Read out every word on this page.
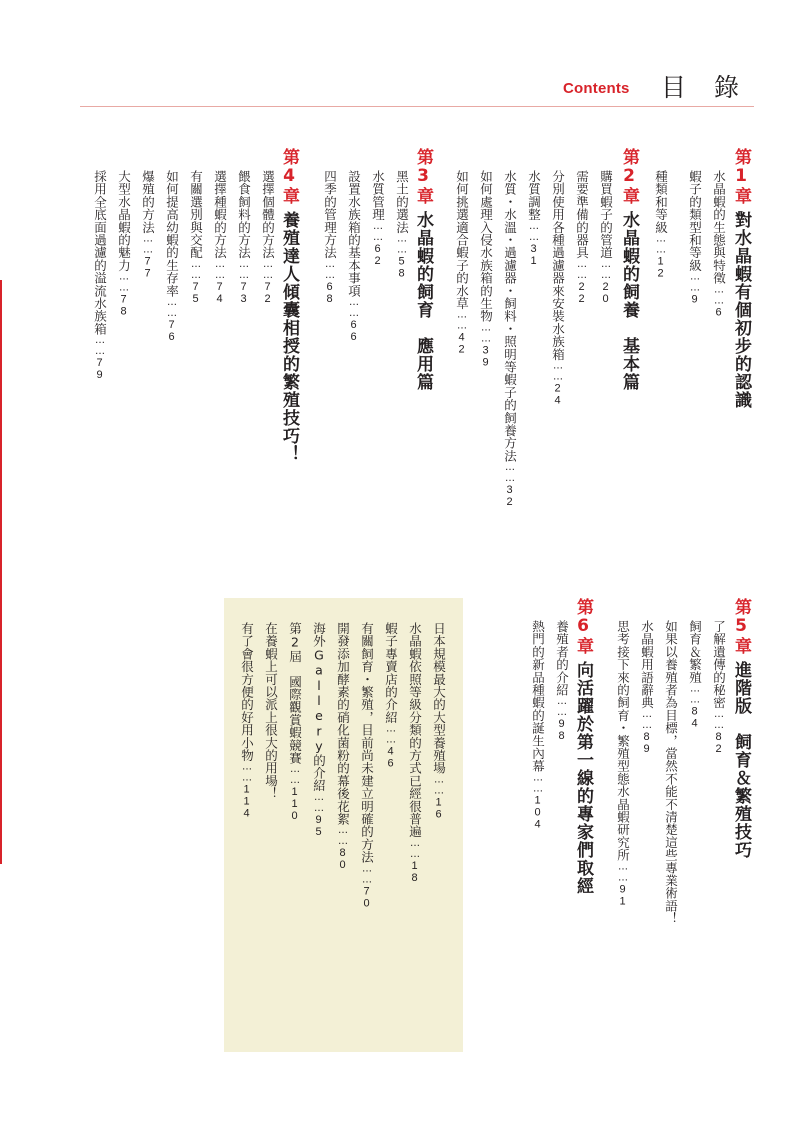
Contents 目錄
第1章對水晶蝦有個初步的認識
水晶蝦的生態與特徵……6
蝦子的類型和等級……9
種類和等級……12
第2章水晶蝦的飼養　基本篇
購買蝦子的管道……20
需要準備的器具……22
分別使用各種過濾器來安裝水族箱……24
水質調整……31
水質・水溫・過濾器・飼料・照明等蝦子的飼養方法……32
如何處理入侵水族箱的生物……39
如何挑選適合蝦子的水草……42
第3章水晶蝦的飼育　應用篇
黑土的選法……58
水質管理……62
設置水族箱的基本事項……66
四季的管理方法……68
第4章養殖達人傾囊相授的繁殖技巧！
選擇個體的方法……72
餵食飼料的方法……73
選擇種蝦的方法……74
有關選別與交配……75
如何提高幼蝦的生存率……76
爆殖的方法……77
大型水晶蝦的魅力……78
採用全底面過濾的溢流水族箱……79
第5章進階版　飼育＆繁殖技巧
了解遺傳的秘密……82
飼育＆繁殖……84
如果以養殖者為目標，當然不能不清楚這些專業術語！
水晶蝦用語辭典……89
思考接下來的飼育・繁殖型態水晶蝦研究所……91
第6章向活躍於第一線的專家們取經
養殖者的介紹……98
熱門的新品種蝦的誕生內幕……104
日本規模最大的大型養殖場……16
水晶蝦依照等級分類的方式已經很普遍……18
蝦子專賣店的介紹……46
有關飼育・繁殖，目前尚未建立明確的方法……70
開發添加酵素的硝化菌粉的幕後花絮……80
海外Gallery的介紹……95
第2屆　國際觀賞蝦競賽……110
在養蝦上可以派上很大的用場！
有了會很方便的好用小物……114
